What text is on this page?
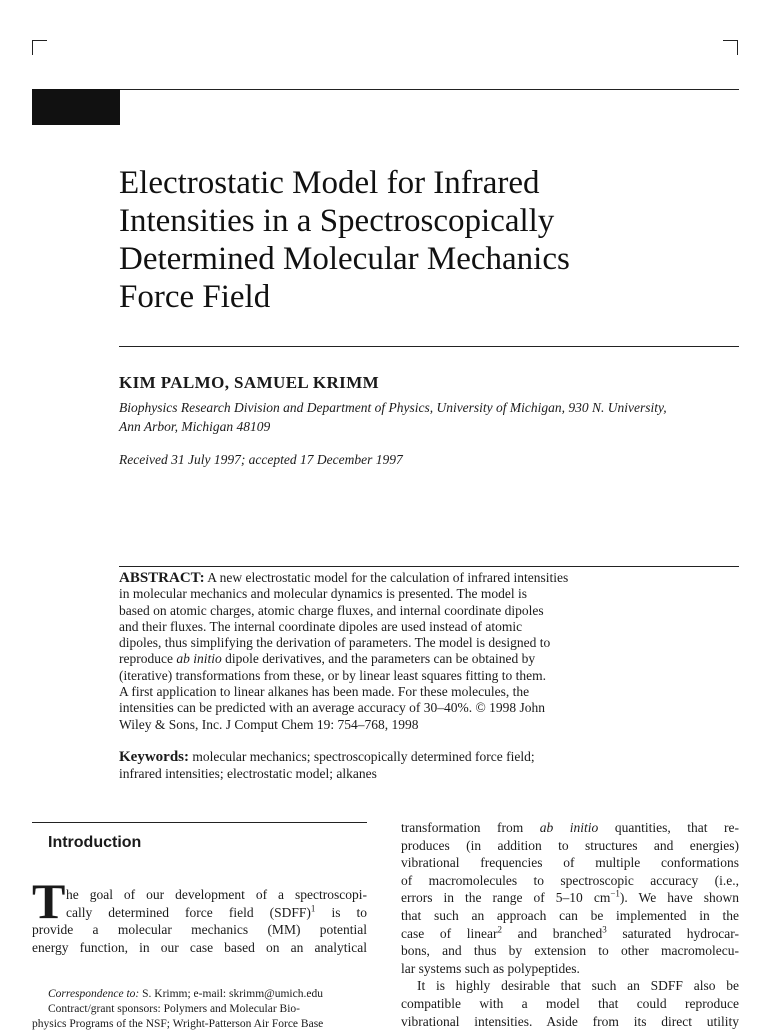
Electrostatic Model for Infrared
Intensities in a Spectroscopically
Determined Molecular Mechanics
Force Field
KIM PALMO, SAMUEL KRIMM
Biophysics Research Division and Department of Physics, University of Michigan, 930 N. University,
Ann Arbor, Michigan 48109
Received 31 July 1997; accepted 17 December 1997
ABSTRACT: A new electrostatic model for the calculation of infrared intensities
in molecular mechanics and molecular dynamics is presented. The model is
based on atomic charges, atomic charge fluxes, and internal coordinate dipoles
and their fluxes. The internal coordinate dipoles are used instead of atomic
dipoles, thus simplifying the derivation of parameters. The model is designed to
reproduce ab initio dipole derivatives, and the parameters can be obtained by
(iterative) transformations from these, or by linear least squares fitting to them.
A first application to linear alkanes has been made. For these molecules, the
intensities can be predicted with an average accuracy of 30–40%. © 1998 John
Wiley & Sons, Inc. J Comput Chem 19: 754–768, 1998
Keywords: molecular mechanics; spectroscopically determined force field;
infrared intensities; electrostatic model; alkanes
Introduction
T he goal of our development of a spectroscopi-
cally determined force field (SDFF)$^1$ is to
provide a molecular mechanics (MM) potential
energy function, in our case based on an analytical
Correspondence to: S. Krimm; e-mail: skrimm@umich.edu
Contract/grant sponsors: Polymers and Molecular Bio-
physics Programs of the NSF; Wright-Patterson Air Force Base
transformation from ab initio quantities, that re-
produces (in addition to structures and energies)
vibrational frequencies of multiple conformations
of macromolecules to spectroscopic accuracy (i.e.,
errors in the range of 5–10 $cm^{-1}$). We have shown
that such an approach can be implemented in the
case of linear$^2$ and branched$^3$ saturated hydrocar-
bons, and thus by extension to other macromolecu-
lar systems such as polypeptides.
It is highly desirable that such an SDFF also be
compatible with a model that could reproduce
vibrational intensities. Aside from its direct utility
